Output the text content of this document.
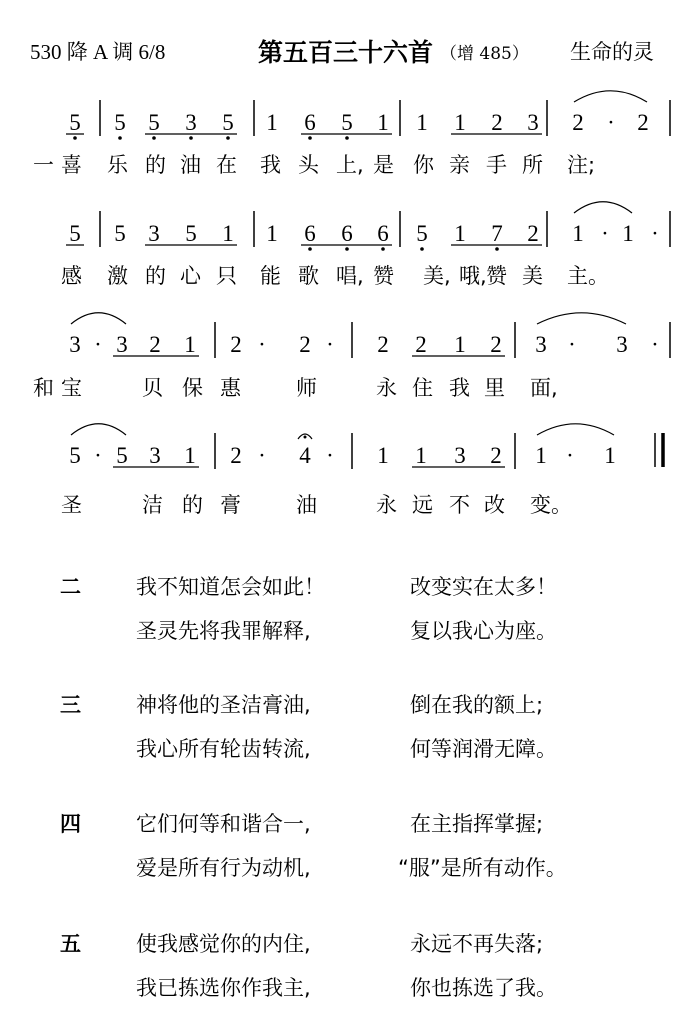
530 降 A 调 6/8	第五百三十六首 （增 485） 生命的灵
5 5 5 3 5 1 6 5 1 1 1 2 3 2 · 2
一 喜 乐 的 油 在 我 头 上, 是 你 亲 手 所 注;
5 5 3 5 1 1 6 6 6 5 1 7 2 1 · 1 ·
感 激 的 心 只 能 歌 唱, 赞 美, 哦, 赞 美 主。
3 · 3 2 1 2 · 2 · 2 2 1 2 3 · 3 ·
和 宝	贝 保 惠	师	永 住 我 里 面,
5 · 5 3 1 2 · 4 · 1 1 3 2 1 · 1
圣	洁 的 膏	油	永 远 不 改 变。
二	我不知道怎会如此！	改变实在太多！
圣灵先将我罪解释,	复以我心为座。
三	神将他的圣洁膏油,	倒在我的额上;
我心所有轮齿转流,	何等润滑无障。
四	它们何等和谐合一,	在主指挥掌握;
爱是所有行为动机,	“服”是所有动作。
五	使我感觉你的内住,	永远不再失落;
我已拣选你作我主,	你也拣选了我。
